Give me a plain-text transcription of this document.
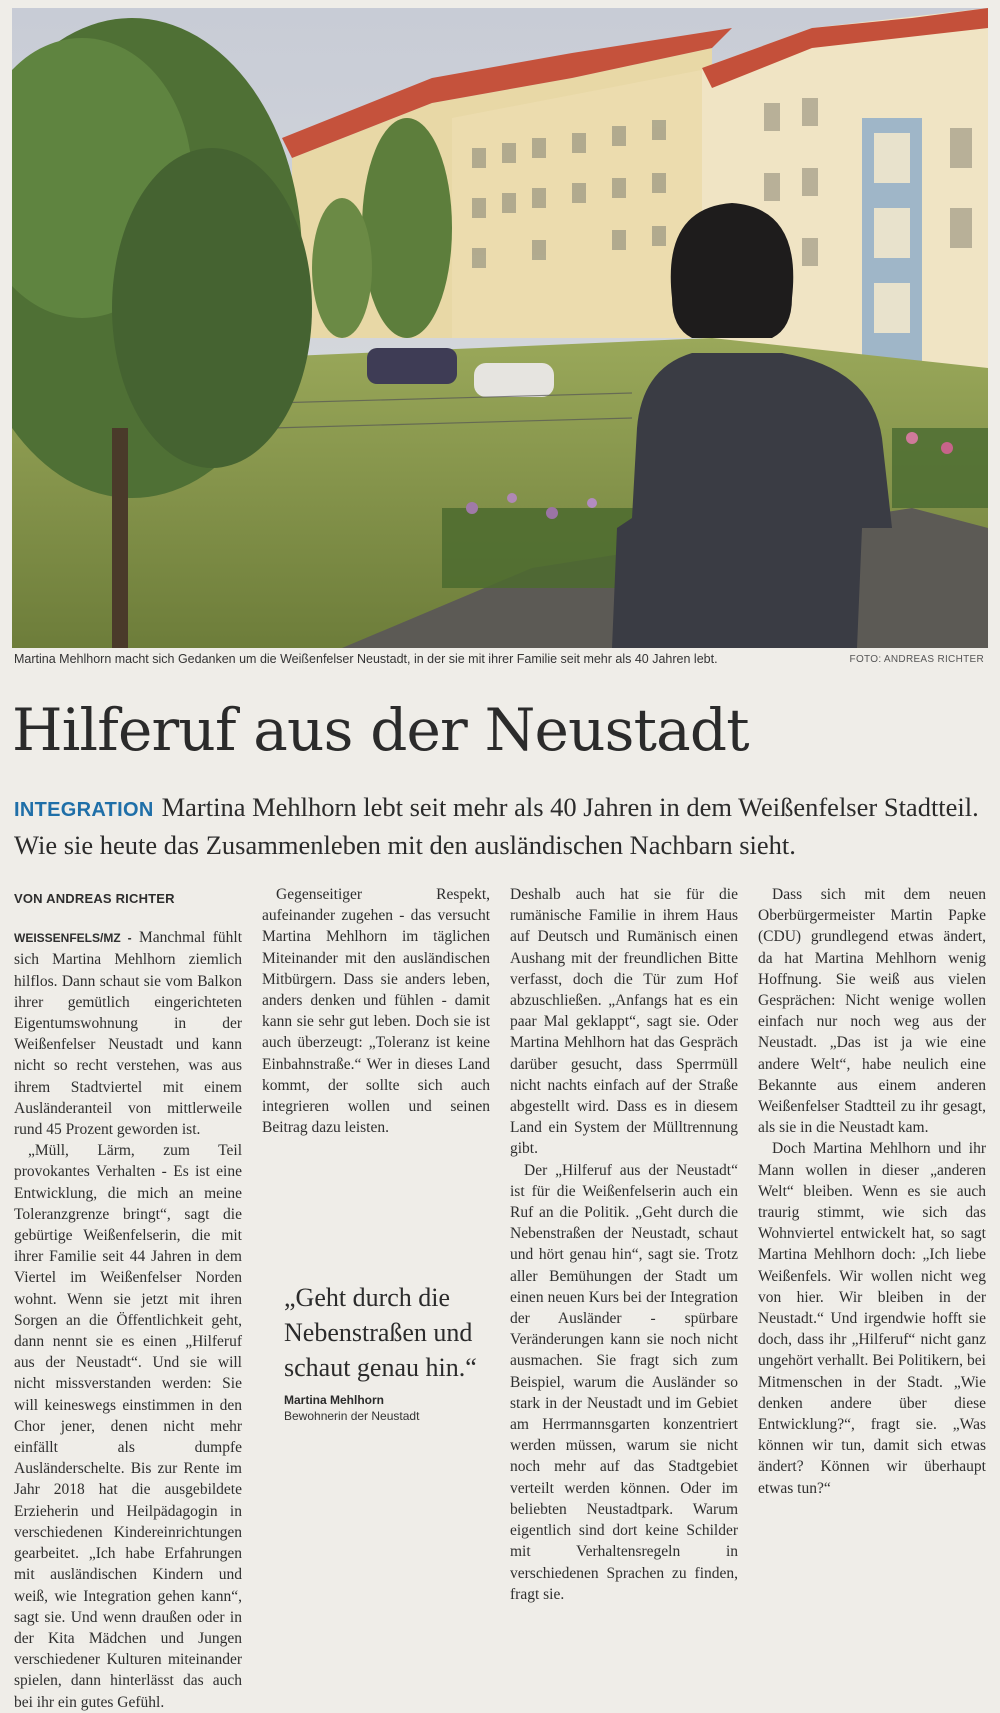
Martina Mehlhorn macht sich Gedanken um die Weißenfelser Neustadt, in der sie mit ihrer Familie seit mehr als 40 Jahren lebt.	FOTO: ANDREAS RICHTER
Hilferuf aus der Neustadt
INTEGRATION Martina Mehlhorn lebt seit mehr als 40 Jahren in dem Weißenfelser Stadtteil. Wie sie heute das Zusammenleben mit den ausländischen Nachbarn sieht.
VON ANDREAS RICHTER

WEISSENFELS/MZ - Manchmal fühlt sich Martina Mehlhorn ziemlich hilflos. Dann schaut sie vom Balkon ihrer gemütlich eingerichteten Eigentumswohnung in der Weißenfelser Neustadt und kann nicht so recht verstehen, was aus ihrem Stadtviertel mit einem Ausländeranteil von mittlerweile rund 45 Prozent geworden ist.

„Müll, Lärm, zum Teil provokantes Verhalten - Es ist eine Entwicklung, die mich an meine Toleranzgrenze bringt“, sagt die gebürtige Weißenfelserin, die mit ihrer Familie seit 44 Jahren in dem Viertel im Weißenfelser Norden wohnt. Wenn sie jetzt mit ihren Sorgen an die Öffentlichkeit geht, dann nennt sie es einen „Hilferuf aus der Neustadt“. Und sie will nicht missverstanden werden: Sie will keineswegs einstimmen in den Chor jener, denen nicht mehr einfällt als dumpfe Ausländerschelte. Bis zur Rente im Jahr 2018 hat die ausgebildete Erzieherin und Heilpädagogin in verschiedenen Kindereinrichtungen gearbeitet. „Ich habe Erfahrungen mit ausländischen Kindern und weiß, wie Integration gehen kann“, sagt sie. Und wenn draußen oder in der Kita Mädchen und Jungen verschiedener Kulturen miteinander spielen, dann hinterlässt das auch bei ihr ein gutes Gefühl.

Gegenseitiger Respekt, aufeinander zugehen - das versucht Martina Mehlhorn im täglichen Miteinander mit den ausländischen Mitbürgern. Dass sie anders leben, anders denken und fühlen - damit kann sie sehr gut leben. Doch sie ist auch überzeugt: „Toleranz ist keine Einbahnstraße.“ Wer in dieses Land kommt, der sollte sich auch integrieren wollen und seinen Beitrag dazu leisten.

„Geht durch die Nebenstraßen und schaut genau hin.“
Martina Mehlhorn
Bewohnerin der Neustadt

Deshalb auch hat sie für die rumänische Familie in ihrem Haus auf Deutsch und Rumänisch einen Aushang mit der freundlichen Bitte verfasst, doch die Tür zum Hof abzuschließen. „Anfangs hat es ein paar Mal geklappt“, sagt sie. Oder Martina Mehlhorn hat das Gespräch darüber gesucht, dass Sperrmüll nicht nachts einfach auf der Straße abgestellt wird. Dass es in diesem Land ein System der Mülltrennung gibt.

Der „Hilferuf aus der Neustadt“ ist für die Weißenfelserin auch ein Ruf an die Politik. „Geht durch die Nebenstraßen der Neustadt, schaut und hört genau hin“, sagt sie. Trotz aller Bemühungen der Stadt um einen neuen Kurs bei der Integration der Ausländer - spürbare Veränderungen kann sie noch nicht ausmachen. Sie fragt sich zum Beispiel, warum die Ausländer so stark in der Neustadt und im Gebiet am Herrmannsgarten konzentriert werden müssen, warum sie nicht noch mehr auf das Stadtgebiet verteilt werden können. Oder im beliebten Neustadtpark. Warum eigentlich sind dort keine Schilder mit Verhaltensregeln in verschiedenen Sprachen zu finden, fragt sie.

Dass sich mit dem neuen Oberbürgermeister Martin Papke (CDU) grundlegend etwas ändert, da hat Martina Mehlhorn wenig Hoffnung. Sie weiß aus vielen Gesprächen: Nicht wenige wollen einfach nur noch weg aus der Neustadt. „Das ist ja wie eine andere Welt“, habe neulich eine Bekannte aus einem anderen Weißenfelser Stadtteil zu ihr gesagt, als sie in die Neustadt kam.

Doch Martina Mehlhorn und ihr Mann wollen in dieser „anderen Welt“ bleiben. Wenn es sie auch traurig stimmt, wie sich das Wohnviertel entwickelt hat, so sagt Martina Mehlhorn doch: „Ich liebe Weißenfels. Wir wollen nicht weg von hier. Wir bleiben in der Neustadt.“ Und irgendwie hofft sie doch, dass ihr „Hilferuf“ nicht ganz ungehört verhallt. Bei Politikern, bei Mitmenschen in der Stadt. „Wie denken andere über diese Entwicklung?“, fragt sie. „Was können wir tun, damit sich etwas ändert? Können wir überhaupt etwas tun?“
